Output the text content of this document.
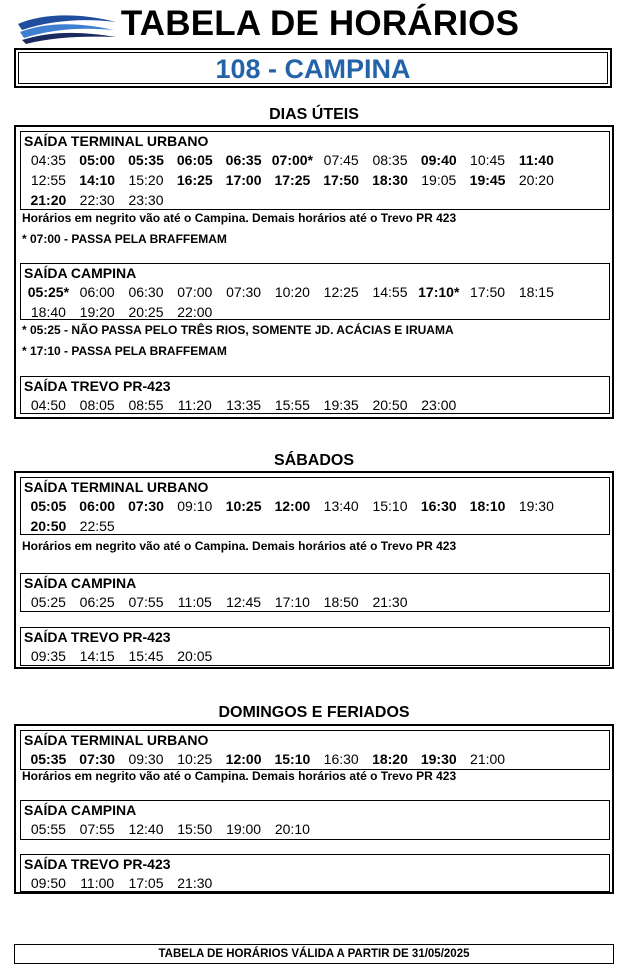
TABELA DE HORÁRIOS
108 - CAMPINA
DIAS ÚTEIS
SAÍDA TERMINAL URBANO
04:35 05:00 05:35 06:05 06:35 07:00* 07:45 08:35 09:40 10:45 11:40
12:55 14:10 15:20 16:25 17:00 17:25 17:50 18:30 19:05 19:45 20:20
21:20 22:30 23:30
Horários em negrito vão até o Campina. Demais horários até o Trevo PR 423
* 07:00 - PASSA PELA BRAFFEMAM
SAÍDA CAMPINA
05:25* 06:00 06:30 07:00 07:30 10:20 12:25 14:55 17:10* 17:50 18:15
18:40 19:20 20:25 22:00
* 05:25 - NÃO PASSA PELO TRÊS RIOS, SOMENTE JD. ACÁCIAS E IRUAMA
* 17:10 - PASSA PELA BRAFFEMAM
SAÍDA TREVO PR-423
04:50 08:05 08:55	11:20	13:35 15:55 19:35 20:50 23:00
SÁBADOS
SAÍDA TERMINAL URBANO
05:05 06:00 07:30 09:10 10:25 12:00 13:40 15:10 16:30 18:10 19:30
20:50 22:55
Horários em negrito vão até o Campina. Demais horários até o Trevo PR 423
SAÍDA CAMPINA
05:25 06:25 07:55	11:05	12:45 17:10 18:50 21:30
SAÍDA TREVO PR-423
09:35 14:15 15:45 20:05
DOMINGOS E FERIADOS
SAÍDA TERMINAL URBANO
05:35 07:30 09:30 10:25 12:00 15:10 16:30 18:20 19:30 21:00
Horários em negrito vão até o Campina. Demais horários até o Trevo PR 423
SAÍDA CAMPINA
05:55 07:55 12:40 15:50 19:00 20:10
SAÍDA TREVO PR-423
09:50	11:00	17:05 21:30
TABELA DE HORÁRIOS VÁLIDA A PARTIR DE 31/05/2025
